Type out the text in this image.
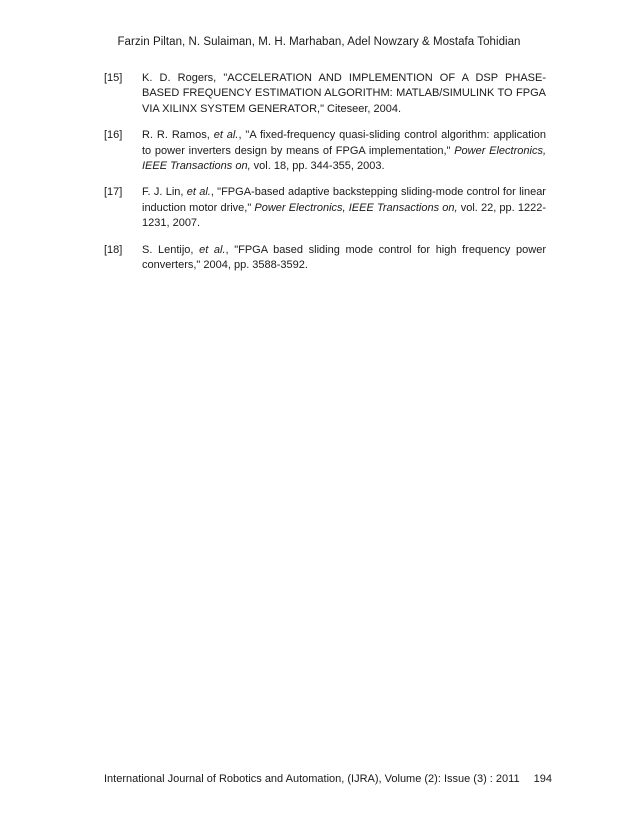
Farzin Piltan, N. Sulaiman, M. H. Marhaban, Adel Nowzary & Mostafa Tohidian
[15]	K. D. Rogers, "ACCELERATION AND IMPLEMENTION OF A DSP PHASE-BASED FREQUENCY ESTIMATION ALGORITHM: MATLAB/SIMULINK TO FPGA VIA XILINX SYSTEM GENERATOR," Citeseer, 2004.
[16]	R. R. Ramos, et al., "A fixed-frequency quasi-sliding control algorithm: application to power inverters design by means of FPGA implementation," Power Electronics, IEEE Transactions on, vol. 18, pp. 344-355, 2003.
[17]	F. J. Lin, et al., "FPGA-based adaptive backstepping sliding-mode control for linear induction motor drive," Power Electronics, IEEE Transactions on, vol. 22, pp. 1222-1231, 2007.
[18]	S. Lentijo, et al., "FPGA based sliding mode control for high frequency power converters," 2004, pp. 3588-3592.
International Journal of Robotics and Automation, (IJRA), Volume (2): Issue (3) : 2011 194
